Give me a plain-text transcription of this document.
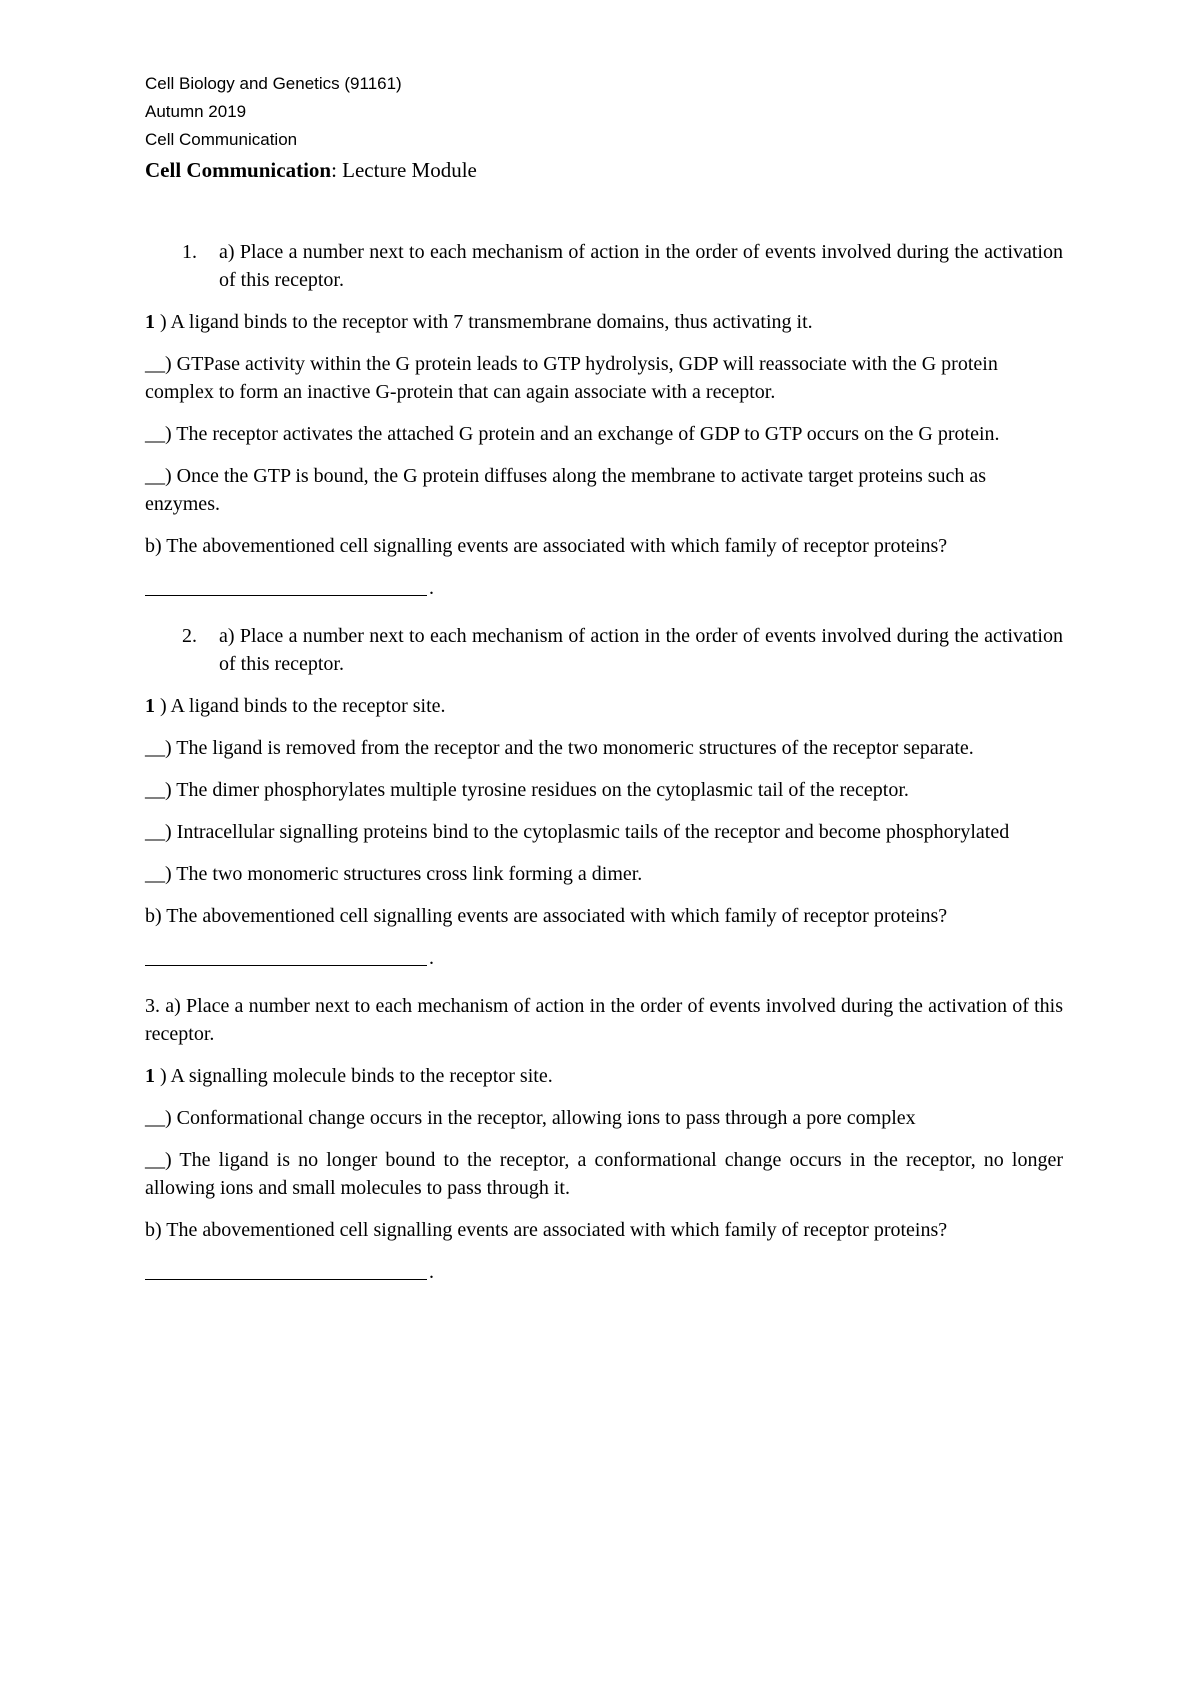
Cell Biology and Genetics (91161)
Autumn 2019
Cell Communication
Cell Communication: Lecture Module
1.	a) Place a number next to each mechanism of action in the order of events involved during the activation of this receptor.

1 ) A ligand binds to the receptor with 7 transmembrane domains, thus activating it.

__) GTPase activity within the G protein leads to GTP hydrolysis, GDP will reassociate with the G protein complex to form an inactive G-protein that can again associate with a receptor.

__) The receptor activates the attached G protein and an exchange of GDP to GTP occurs on the G protein.

__) Once the GTP is bound, the G protein diffuses along the membrane to activate target proteins such as enzymes.

b) The abovementioned cell signalling events are associated with which family of receptor proteins?

.
2.	a) Place a number next to each mechanism of action in the order of events involved during the activation of this receptor.

1 ) A ligand binds to the receptor site.

__) The ligand is removed from the receptor and the two monomeric structures of the receptor separate.

__) The dimer phosphorylates multiple tyrosine residues on the cytoplasmic tail of the receptor.

__) Intracellular signalling proteins bind to the cytoplasmic tails of the receptor and become phosphorylated

__) The two monomeric structures cross link forming a dimer.

b) The abovementioned cell signalling events are associated with which family of receptor proteins?

.

3. a) Place a number next to each mechanism of action in the order of events involved during the activation of this receptor.

1 ) A signalling molecule binds to the receptor site.

__) Conformational change occurs in the receptor, allowing ions to pass through a pore complex

__) The ligand is no longer bound to the receptor, a conformational change occurs in the receptor, no longer allowing ions and small molecules to pass through it.

b) The abovementioned cell signalling events are associated with which family of receptor proteins?

.
